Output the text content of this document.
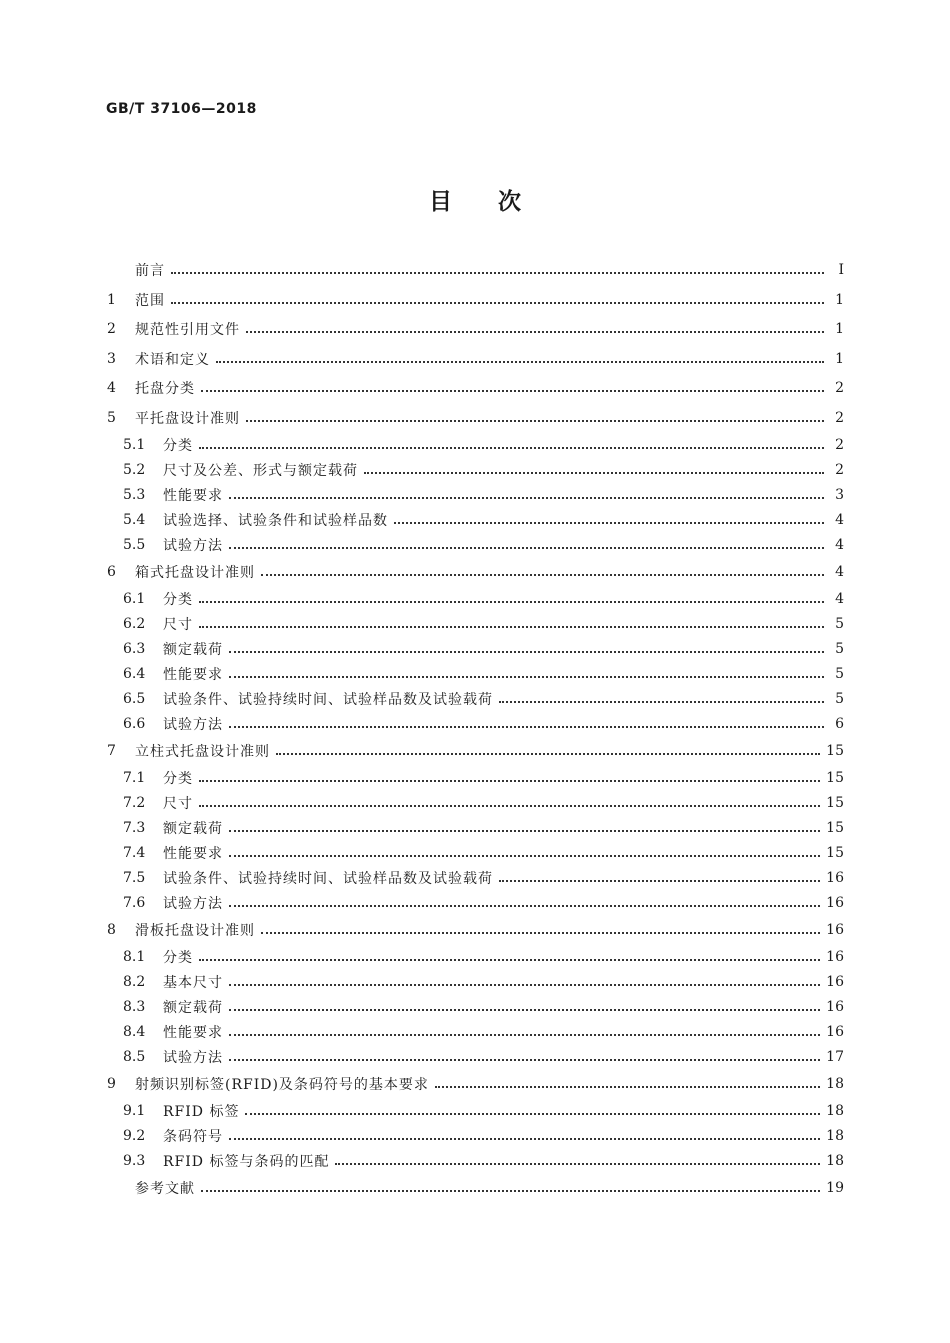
GB/T 37106—2018
目　　次
前言	Ⅰ
1	范围	1
2	规范性引用文件	1
3	术语和定义	1
4	托盘分类	2
5	平托盘设计准则	2
5.1	分类	2
5.2	尺寸及公差、形式与额定载荷	2
5.3	性能要求	3
5.4	试验选择、试验条件和试验样品数	4
5.5	试验方法	4
6	箱式托盘设计准则	4
6.1	分类	4
6.2	尺寸	5
6.3	额定载荷	5
6.4	性能要求	5
6.5	试验条件、试验持续时间、试验样品数及试验载荷	5
6.6	试验方法	6
7	立柱式托盘设计准则	15
7.1	分类	15
7.2	尺寸	15
7.3	额定载荷	15
7.4	性能要求	15
7.5	试验条件、试验持续时间、试验样品数及试验载荷	16
7.6	试验方法	16
8	滑板托盘设计准则	16
8.1	分类	16
8.2	基本尺寸	16
8.3	额定载荷	16
8.4	性能要求	16
8.5	试验方法	17
9	射频识别标签(RFID)及条码符号的基本要求	18
9.1	RFID 标签	18
9.2	条码符号	18
9.3	RFID 标签与条码的匹配	18
参考文献	19
